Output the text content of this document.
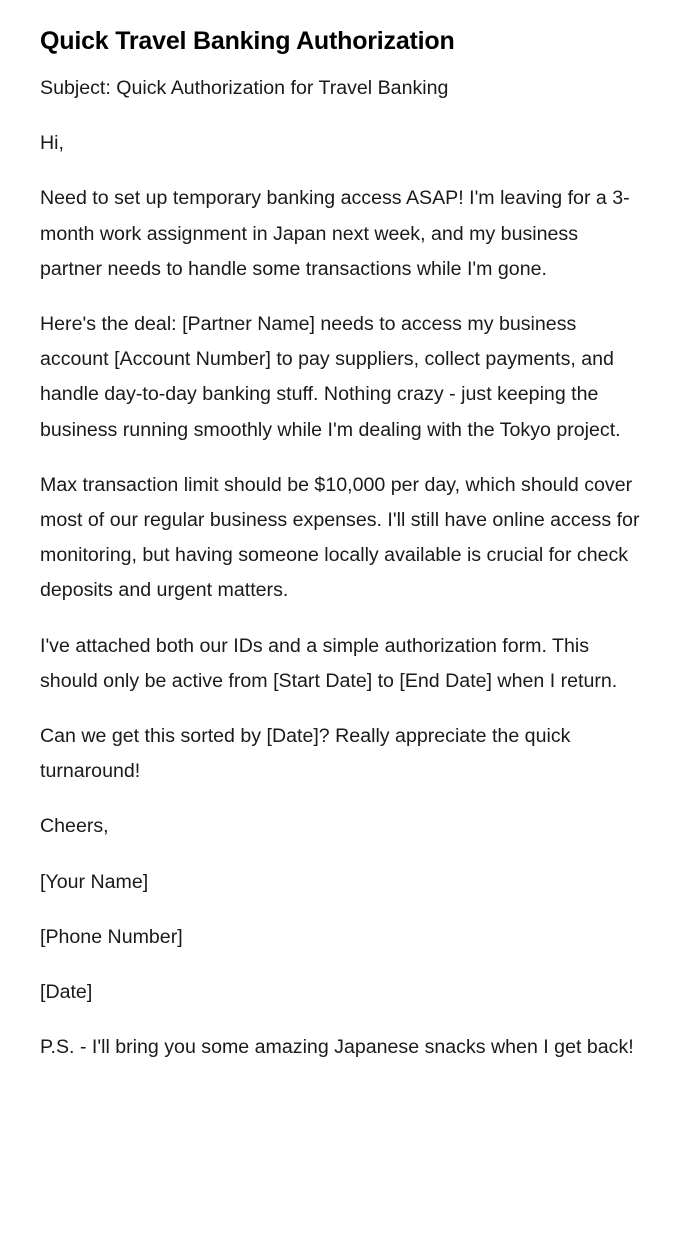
Quick Travel Banking Authorization

Subject: Quick Authorization for Travel Banking

Hi,

Need to set up temporary banking access ASAP! I'm leaving for a 3-month work assignment in Japan next week, and my business partner needs to handle some transactions while I'm gone.

Here's the deal: [Partner Name] needs to access my business account [Account Number] to pay suppliers, collect payments, and handle day-to-day banking stuff. Nothing crazy - just keeping the business running smoothly while I'm dealing with the Tokyo project.

Max transaction limit should be $10,000 per day, which should cover most of our regular business expenses. I'll still have online access for monitoring, but having someone locally available is crucial for check deposits and urgent matters.

I've attached both our IDs and a simple authorization form. This should only be active from [Start Date] to [End Date] when I return.

Can we get this sorted by [Date]? Really appreciate the quick turnaround!

Cheers,

[Your Name]

[Phone Number]

[Date]

P.S. - I'll bring you some amazing Japanese snacks when I get back!
